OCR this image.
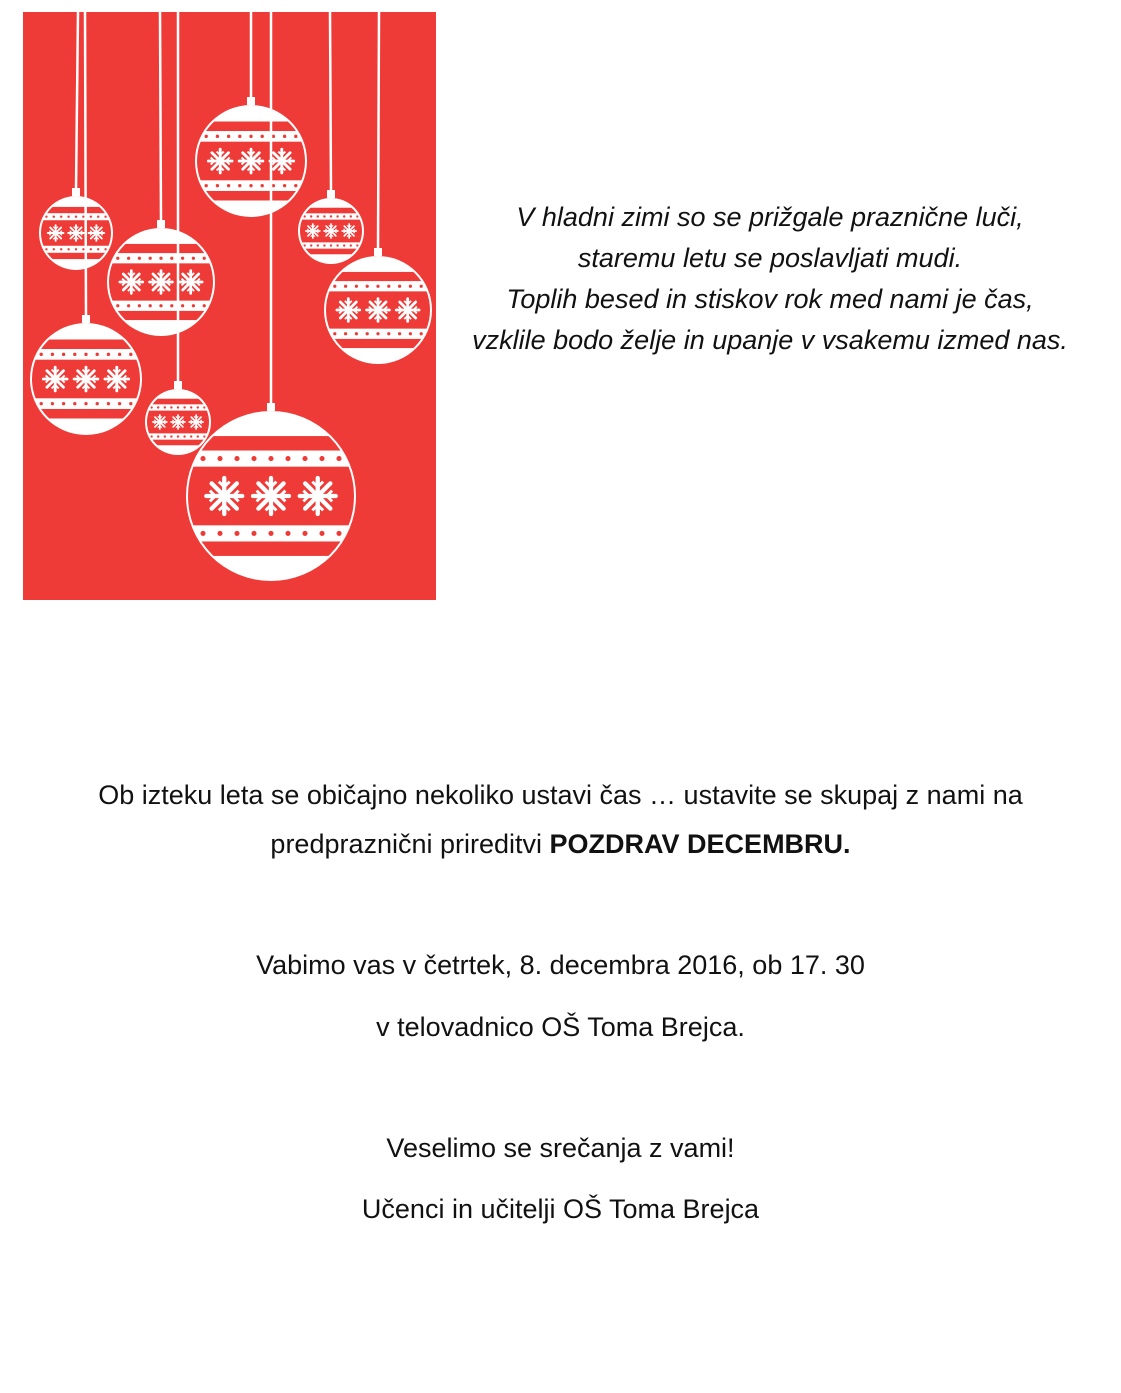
V hladni zimi so se prižgale praznične luči,
staremu letu se poslavljati mudi.
Toplih besed in stiskov rok med nami je čas,
vzklile bodo želje in upanje v vsakemu izmed nas.
Ob izteku leta se običajno nekoliko ustavi čas … ustavite se skupaj z nami na
predpraznični prireditvi POZDRAV DECEMBRU.
Vabimo vas v četrtek, 8. decembra 2016, ob 17. 30
v telovadnico OŠ Toma Brejca.
Veselimo se srečanja z vami!
Učenci in učitelji OŠ Toma Brejca
